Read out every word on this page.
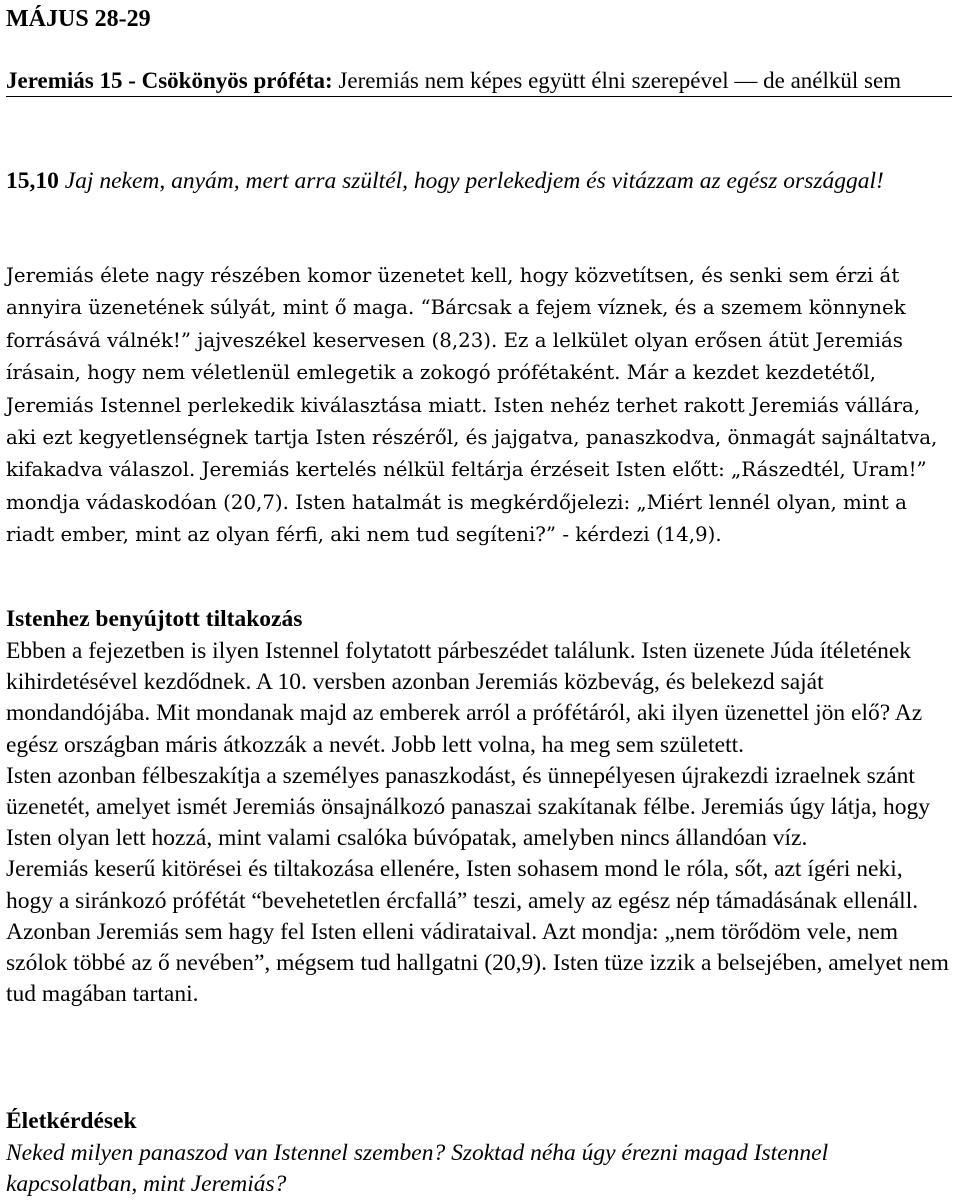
MÁJUS 28-29
Jeremiás 15 - Csökönyös próféta: Jeremiás nem képes együtt élni szerepével — de anélkül sem
15,10 Jaj nekem, anyám, mert arra szültél, hogy perlekedjem és vitázzam az egész országgal!
Jeremiás élete nagy részében komor üzenetet kell, hogy közvetítsen, és senki sem érzi át annyira üzenetének súlyát, mint ő maga. “Bárcsak a fejem víznek, és a szemem könnynek forrásává válnék!” jajveszékel keservesen (8,23). Ez a lelkület olyan erősen átüt Jeremiás írásain, hogy nem véletlenül emlegetik a zokogó prófétaként. Már a kezdet kezdetétől, Jeremiás Istennel perlekedik kiválasztása miatt. Isten nehéz terhet rakott Jeremiás vállára, aki ezt kegyetlenségnek tartja Isten részéről, és jajgatva, panaszkodva, önmagát sajnáltatva, kifakadva válaszol. Jeremiás kertelés nélkül feltárja érzéseit Isten előtt: „Rászedtél, Uram!” mondja vádaskodóan (20,7). Isten hatalmát is megkérdőjelezi: „Miért lennél olyan, mint a riadt ember, mint az olyan férfi, aki nem tud segíteni?” - kérdezi (14,9).
Istenhez benyújtott tiltakozás

Ebben a fejezetben is ilyen Istennel folytatott párbeszédet találunk. Isten üzenete Júda ítéletének kihirdetésével kezdődnek. A 10. versben azonban Jeremiás közbevág, és belekezd saját mondandójába. Mit mondanak majd az emberek arról a prófétáról, aki ilyen üzenettel jön elő? Az egész országban máris átkozzák a nevét. Jobb lett volna, ha meg sem született.

Isten azonban félbeszakítja a személyes panaszkodást, és ünnepélyesen újrakezdi izraelnek szánt üzenetét, amelyet ismét Jeremiás önsajnálkozó panaszai szakítanak félbe. Jeremiás úgy látja, hogy Isten olyan lett hozzá, mint valami csalóka búvópatak, amelyben nincs állandóan víz.

Jeremiás keserű kitörései és tiltakozása ellenére, Isten sohasem mond le róla, sőt, azt ígéri neki, hogy a siránkozó prófétát “bevehetetlen ércfallá” teszi, amely az egész nép támadásának ellenáll. Azonban Jeremiás sem hagy fel Isten elleni vádirataival. Azt mondja: „nem törődöm vele, nem szólok többé az ő nevében”, mégsem tud hallgatni (20,9). Isten tüze izzik a belsejében, amelyet nem tud magában tartani.

Életkérdések
Neked milyen panaszod van Istennel szemben? Szoktad néha úgy érezni magad Istennel kapcsolatban, mint Jeremiás?
